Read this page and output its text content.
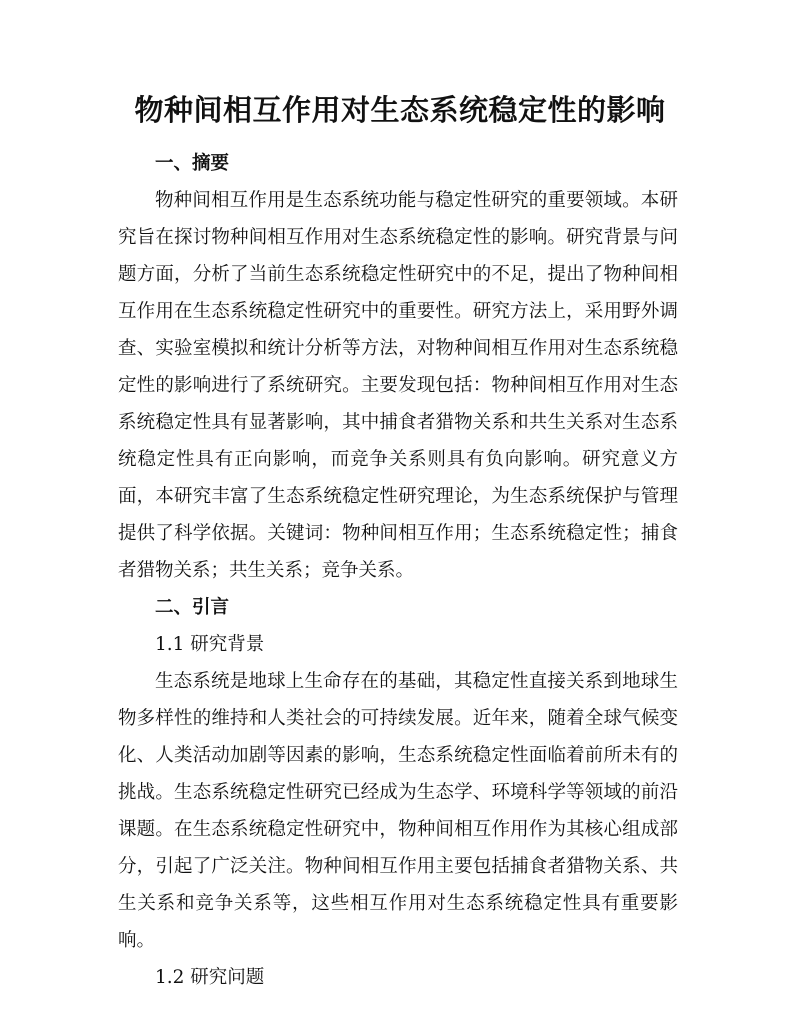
物种间相互作用对生态系统稳定性的影响

一、摘要

物种间相互作用是生态系统功能与稳定性研究的重要领域。本研究旨在探讨物种间相互作用对生态系统稳定性的影响。研究背景与问题方面，分析了当前生态系统稳定性研究中的不足，提出了物种间相互作用在生态系统稳定性研究中的重要性。研究方法上，采用野外调查、实验室模拟和统计分析等方法，对物种间相互作用对生态系统稳定性的影响进行了系统研究。主要发现包括：物种间相互作用对生态系统稳定性具有显著影响，其中捕食者猎物关系和共生关系对生态系统稳定性具有正向影响，而竞争关系则具有负向影响。研究意义方面，本研究丰富了生态系统稳定性研究理论，为生态系统保护与管理提供了科学依据。关键词：物种间相互作用；生态系统稳定性；捕食者猎物关系；共生关系；竞争关系。

二、引言

1.1 研究背景

生态系统是地球上生命存在的基础，其稳定性直接关系到地球生物多样性的维持和人类社会的可持续发展。近年来，随着全球气候变化、人类活动加剧等因素的影响，生态系统稳定性面临着前所未有的挑战。生态系统稳定性研究已经成为生态学、环境科学等领域的前沿课题。在生态系统稳定性研究中，物种间相互作用作为其核心组成部分，引起了广泛关注。物种间相互作用主要包括捕食者猎物关系、共生关系和竞争关系等，这些相互作用对生态系统稳定性具有重要影响。

1.2 研究问题
